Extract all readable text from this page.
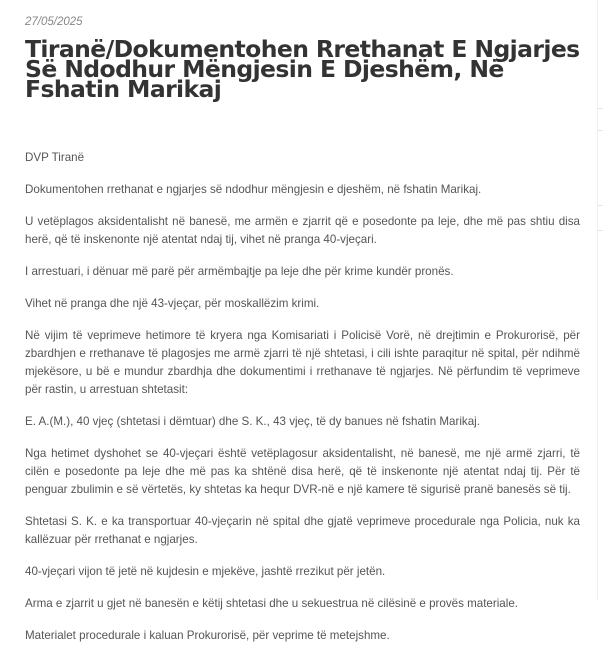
27/05/2025
Tiranë/Dokumentohen Rrethanat E Ngjarjes Së Ndodhur Mëngjesin E Djeshëm, Në Fshatin Marikaj

DVP Tiranë

Dokumentohen rrethanat e ngjarjes së ndodhur mëngjesin e djeshëm, në fshatin Marikaj.

U vetëplagos aksidentalisht në banesë, me armën e zjarrit që e posedonte pa leje, dhe më pas shtiu disa herë, që të inskenonte një atentat ndaj tij, vihet në pranga 40-vjeçari.

I arrestuari, i dënuar më parë për armëmbajtje pa leje dhe për krime kundër pronës.

Vihet në pranga dhe një 43-vjeçar, për moskallëzim krimi.

Në vijim të veprimeve hetimore të kryera nga Komisariati i Policisë Vorë, në drejtimin e Prokurorisë, për zbardhjen e rrethanave të plagosjes me armë zjarri të një shtetasi, i cili ishte paraqitur në spital, për ndihmë mjekësore, u bë e mundur zbardhja dhe dokumentimi i rrethanave të ngjarjes. Në përfundim të veprimeve për rastin, u arrestuan shtetasit:

E. A.(M.), 40 vjeç (shtetasi i dëmtuar) dhe S. K., 43 vjeç, të dy banues në fshatin Marikaj.

Nga hetimet dyshohet se 40-vjeçari është vetëplagosur aksidentalisht, në banesë, me një armë zjarri, të cilën e posedonte pa leje dhe më pas ka shtënë disa herë, që të inskenonte një atentat ndaj tij. Për të penguar zbulimin e së vërtetës, ky shtetas ka hequr DVR-në e një kamere të sigurisë pranë banesës së tij.

Shtetasi S. K. e ka transportuar 40-vjeçarin në spital dhe gjatë veprimeve procedurale nga Policia, nuk ka kallëzuar për rrethanat e ngjarjes.

40-vjeçari vijon të jetë në kujdesin e mjekëve, jashtë rrezikut për jetën.

Arma e zjarrit u gjet në banesën e këtij shtetasi dhe u sekuestrua në cilësinë e provës materiale.

Materialet procedurale i kaluan Prokurorisë, për veprime të metejshme.
